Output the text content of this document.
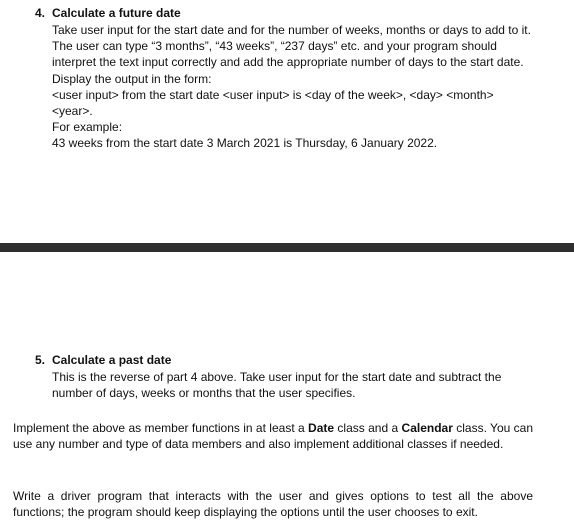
4. Calculate a future date

Take user input for the start date and for the number of weeks, months or days to add to it. The user can type “3 months”, “43 weeks”, “237 days” etc. and your program should interpret the text input correctly and add the appropriate number of days to the start date. Display the output in the form:

<user input> from the start date <user input> is <day of the week>, <day> <month> <year>.

For example:

43 weeks from the start date 3 March 2021 is Thursday, 6 January 2022.

5. Calculate a past date

This is the reverse of part 4 above. Take user input for the start date and subtract the number of days, weeks or months that the user specifies.

Implement the above as member functions in at least a Date class and a Calendar class. You can use any number and type of data members and also implement additional classes if needed.

Write a driver program that interacts with the user and gives options to test all the above functions; the program should keep displaying the options until the user chooses to exit.
